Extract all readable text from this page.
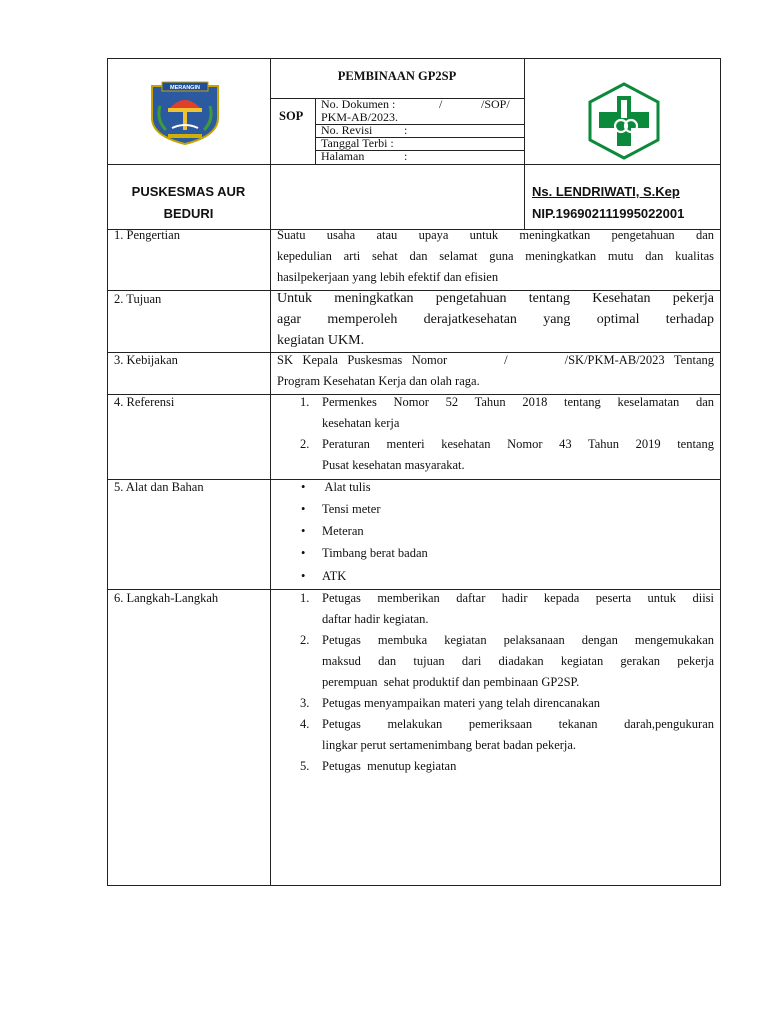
MERANGIN
PEMBINAAN GP2SP
SOP
No. Dokumen :	/	/SOP/
PKM-AB/2023.
No. Revisi	:
Tanggal Terbi :
Halaman	:
PUSKESMAS AUR
BEDURI
Ns. LENDRIWATI, S.Kep
NIP.196902111995022001
1. Pengertian	Suatu usaha atau upaya untuk meningkatkan pengetahuan dan
kepedulian arti sehat dan selamat guna meningkatkan mutu dan kualitas
hasilpekerjaan yang lebih efektif dan efisien
2. Tujuan	Untuk meningkatkan pengetahuan tentang Kesehatan pekerja
agar memperoleh derajatkesehatan yang optimal terhadap
kegiatan UKM.
3. Kebijakan	SK Kepala Puskesmas Nomor      /      /SK/PKM-AB/2023 Tentang
Program Kesehatan Kerja dan olah raga.
4. Referensi	1. Permenkes Nomor 52 Tahun 2018 tentang keselamatan dan
kesehatan kerja
2. Peraturan menteri kesehatan Nomor 43 Tahun 2019 tentang
Pusat kesehatan masyarakat.
5. Alat dan Bahan	• Alat tulis
• Tensi meter
• Meteran
• Timbang berat badan
• ATK
6. Langkah-Langkah	1. Petugas memberikan daftar hadir kepada peserta untuk diisi
daftar hadir kegiatan.
2. Petugas membuka kegiatan pelaksanaan dengan mengemukakan
maksud dan tujuan dari diadakan kegiatan gerakan pekerja
perempuan  sehat produktif dan pembinaan GP2SP.
3. Petugas menyampaikan materi yang telah direncanakan
4. Petugas melakukan pemeriksaan tekanan darah,pengukuran
lingkar perut sertamenimbang berat badan pekerja.
5. Petugas  menutup kegiatan
